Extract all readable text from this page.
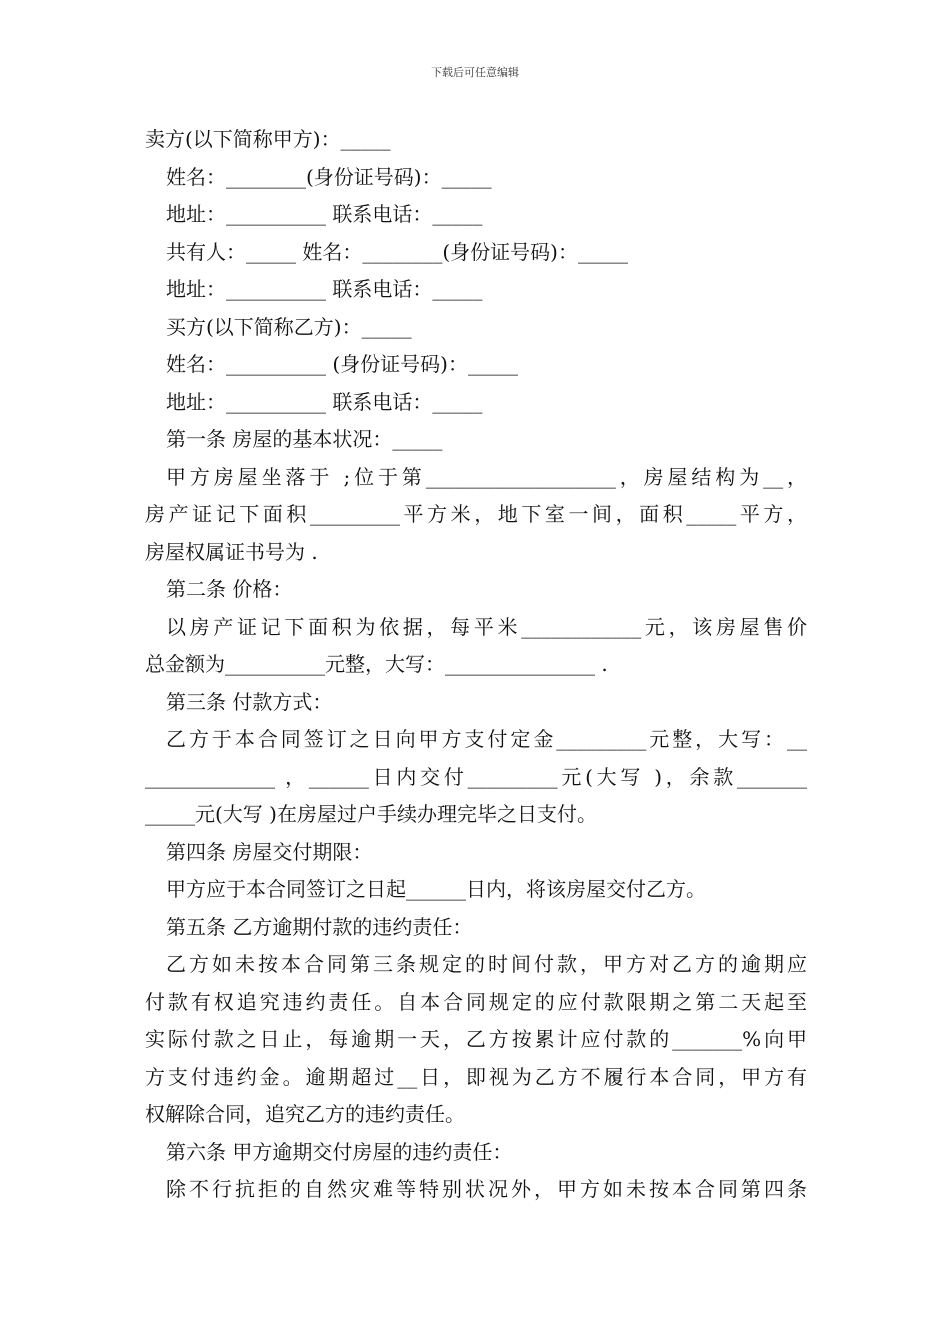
下载后可任意编辑
卖方(以下简称甲方)：_____
姓名：________(身份证号码)：_____
地址：__________ 联系电话：_____
共有人：_____ 姓名：________(身份证号码)：_____
地址：__________ 联系电话：_____
买方(以下简称乙方)：_____
姓名：__________ (身份证号码)：_____
地址：__________ 联系电话：_____
第一条 房屋的基本状况：_____
甲方房屋坐落于 ;位于第___________________，房屋结构为__，
房产证记下面积_________平方米，地下室一间，面积_____平方，
房屋权属证书号为 .
第二条 价格：
以房产证记下面积为依据，每平米____________元，该房屋售价
总金额为__________元整，大写：_______________ .
第三条 付款方式：
乙方于本合同签订之日向甲方支付定金_________元整，大写：__
_____________ ，______日内交付_________元(大写 )，余款_______
_____元(大写 )在房屋过户手续办理完毕之日支付。
第四条 房屋交付期限：
甲方应于本合同签订之日起______日内，将该房屋交付乙方。
第五条 乙方逾期付款的违约责任：
乙方如未按本合同第三条规定的时间付款，甲方对乙方的逾期应
付款有权追究违约责任。自本合同规定的应付款限期之第二天起至
实际付款之日止，每逾期一天，乙方按累计应付款的_______%向甲
方支付违约金。逾期超过__日，即视为乙方不履行本合同，甲方有
权解除合同，追究乙方的违约责任。
第六条 甲方逾期交付房屋的违约责任：
除不行抗拒的自然灾难等特别状况外，甲方如未按本合同第四条
